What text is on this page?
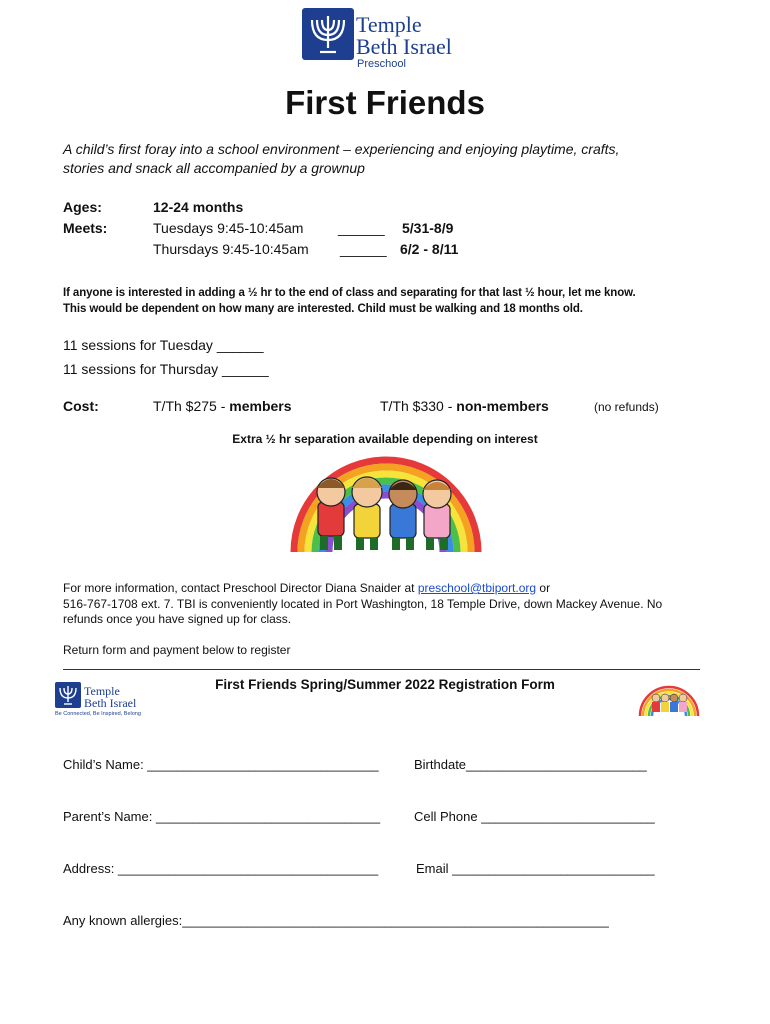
Temple
Beth Israel
Preschool
First Friends
A child’s first foray into a school environment – experiencing and enjoying playtime, crafts,
stories and snack all accompanied by a grownup
Ages:	12-24 months
Meets:	Tuesdays 9:45-10:45am ______ 5/31-8/9
Thursdays 9:45-10:45am ______ 6/2 - 8/11
If anyone is interested in adding a ½ hr to the end of class and separating for that last ½ hour, let me know.
This would be dependent on how many are interested. Child must be walking and 18 months old.
11 sessions for Tuesday ______
11 sessions for Thursday ______
Cost:	T/Th $275 - members	T/Th $330 - non-members	(no refunds)
Extra ½ hr separation available depending on interest
For more information, contact Preschool Director Diana Snaider at preschool@tbiport.org or
516-767-1708 ext. 7. TBI is conveniently located in Port Washington, 18 Temple Drive, down Mackey Avenue. No
refunds once you have signed up for class.
Return form and payment below to register
Temple
Beth Israel
Be Connected, Be Inspired, Belong
First Friends Spring/Summer 2022 Registration Form
Child’s Name: ________________________________	Birthdate_________________________
Parent’s Name: _______________________________	Cell Phone ________________________
Address: ____________________________________	Email ____________________________
Any known allergies:___________________________________________________________
